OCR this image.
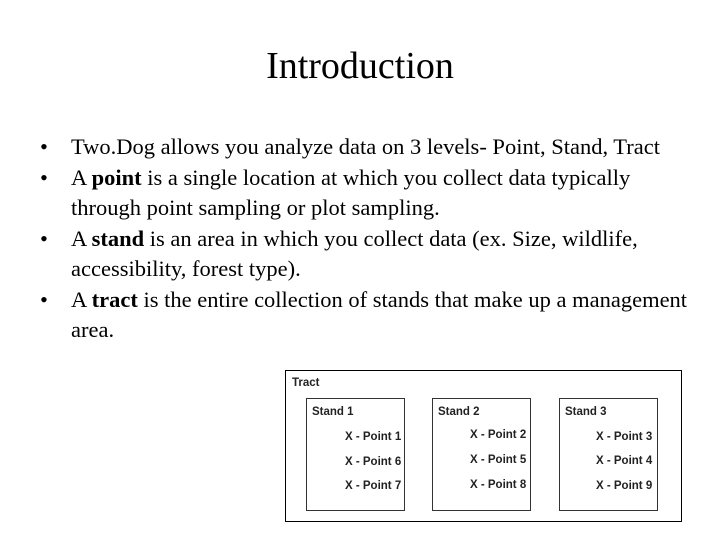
Introduction
• Two.Dog allows you analyze data on 3 levels- Point, Stand, Tract
• A point is a single location at which you collect data typically through point sampling or plot sampling.
• A stand is an area in which you collect data (ex. Size, wildlife, accessibility, forest type).
• A tract is the entire collection of stands that make up a management area.
Tract
Stand 1
X - Point 1
X - Point 6
X - Point 7
Stand 2
X - Point 2
X - Point 5
X - Point 8
Stand 3
X - Point 3
X - Point 4
X - Point 9
